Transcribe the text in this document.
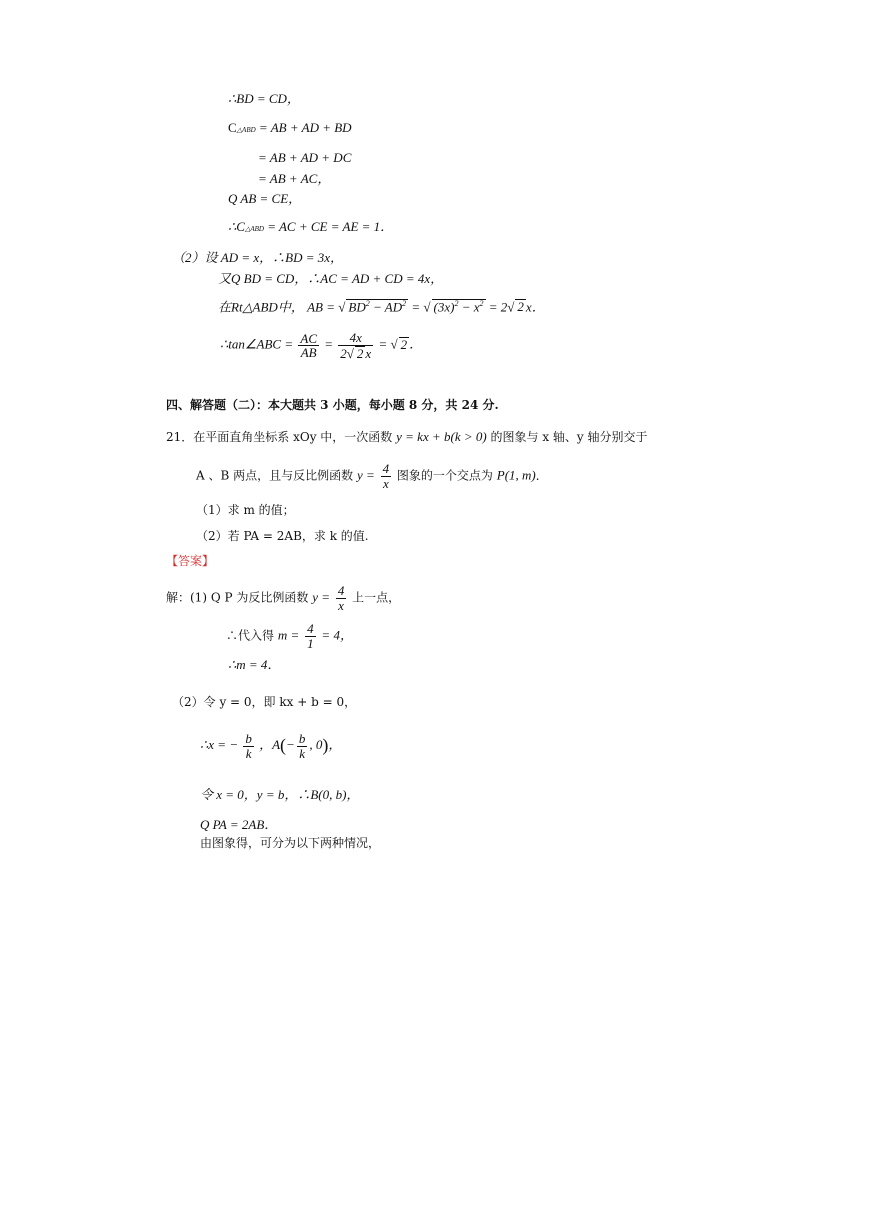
∴BD = CD，
C△ABD = AB + AD + BD
= AB + AD + DC
= AB + AC，
Q AB = CE，
∴C△ABD = AC + CE = AE = 1．
（2）设 AD = x，∴BD = 3x，
又Q BD = CD，∴AC = AD + CD = 4x，
在Rt△ABD中， AB = √ $BD^2 - AD^2$ = √ $(3x)^2 - x^2 = 2√$ 2 x．
∴tan∠ABC = $\frac{AC}{AB} = \frac{4x}{2√ 2 x}$ = √ 2 ．
四、解答题（二）：本大题共 3 小题，每小题 8 分，共 24 分.
21．在平面直角坐标系 xOy 中，一次函数 y = kx + b(k > 0) 的图象与 x 轴、y 轴分别交于
A 、B 两点，且与反比例函数 $y = \frac{4}{x}$ 图象的一个交点为 P(1, m)．
（1）求 m 的值；
（2）若 PA = 2AB，求 k 的值.
【答案】
解：(1) Q P 为反比例函数 $y = \frac{4}{x}$ 上一点，
∴代入得 $m = \frac{4}{1} = 4$，
∴m = 4．
（2）令 y = 0，即 kx + b = 0，
∴x = − $\frac{b}{k}$ ，$A(- \frac{b}{k}$ , 0)，
令 x = 0，y = b，∴B(0, b)，
Q PA = 2AB．
由图象得，可分为以下两种情况，
